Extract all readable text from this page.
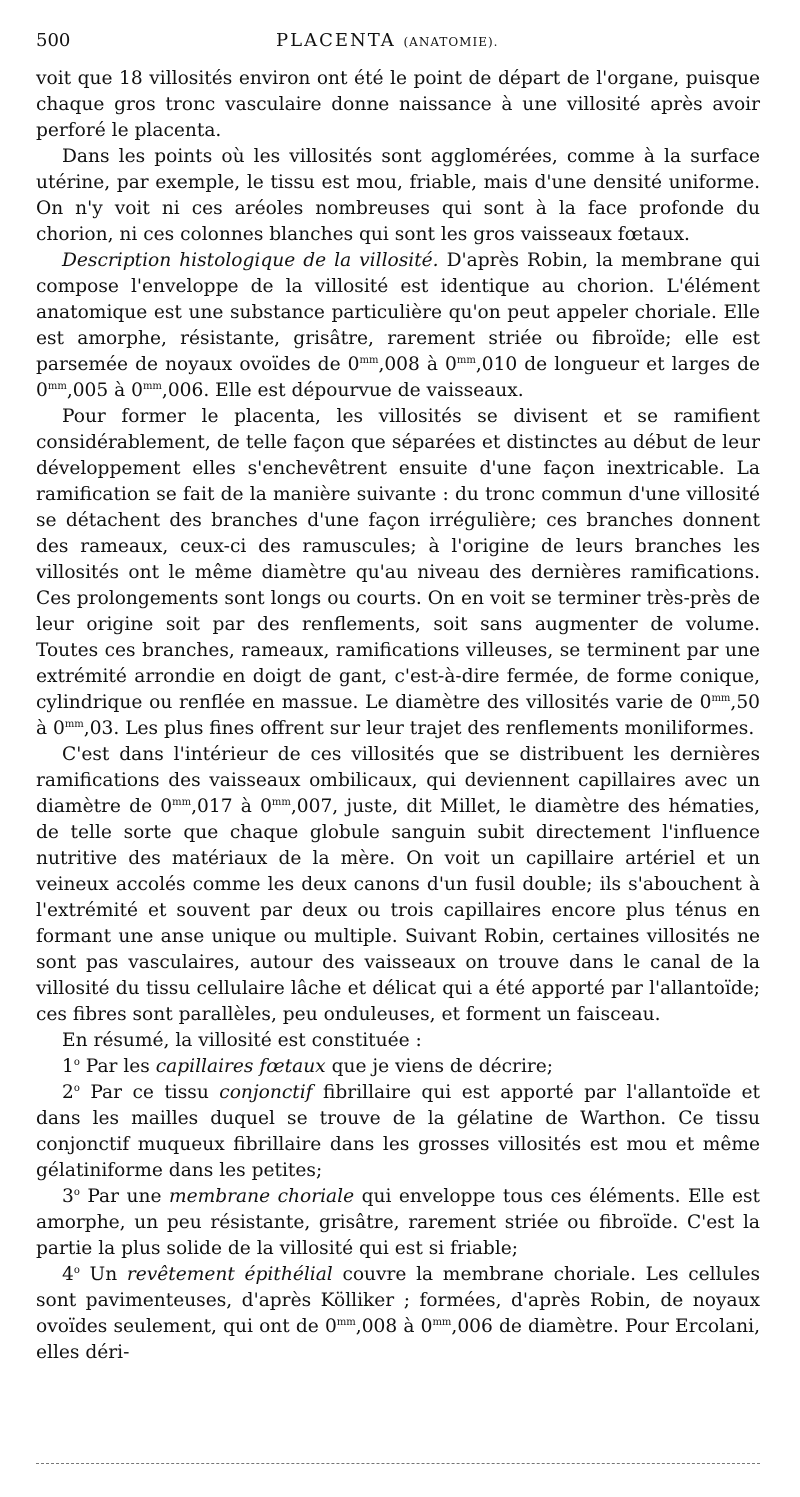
500	PLACENTA (ANATOMIE).

voit que 18 villosités environ ont été le point de départ de l'organe, puisque chaque gros tronc vasculaire donne naissance à une villosité après avoir perforé le placenta.

Dans les points où les villosités sont agglomérées, comme à la surface utérine, par exemple, le tissu est mou, friable, mais d'une densité uniforme. On n'y voit ni ces aréoles nombreuses qui sont à la face profonde du chorion, ni ces colonnes blanches qui sont les gros vaisseaux fœtaux.

Description histologique de la villosité. D'après Robin, la membrane qui compose l'enveloppe de la villosité est identique au chorion. L'élément anatomique est une substance particulière qu'on peut appeler choriale. Elle est amorphe, résistante, grisâtre, rarement striée ou fibroïde; elle est parsemée de noyaux ovoïdes de $0^{mm},008$ à $0^{mm},010$ de longueur et larges de $0^{mm},005$ à $0^{mm},006$. Elle est dépourvue de vaisseaux.

Pour former le placenta, les villosités se divisent et se ramifient considérablement, de telle façon que séparées et distinctes au début de leur développement elles s'enchevêtrent ensuite d'une façon inextricable. La ramification se fait de la manière suivante : du tronc commun d'une villosité se détachent des branches d'une façon irrégulière; ces branches donnent des rameaux, ceux-ci des ramuscules; à l'origine de leurs branches les villosités ont le même diamètre qu'au niveau des dernières ramifications. Ces prolongements sont longs ou courts. On en voit se terminer très-près de leur origine soit par des renflements, soit sans augmenter de volume. Toutes ces branches, rameaux, ramifications villeuses, se terminent par une extrémité arrondie en doigt de gant, c'est-à-dire fermée, de forme conique, cylindrique ou renflée en massue. Le diamètre des villosités varie de $0^{mm},50$ à $0^{mm},03$. Les plus fines offrent sur leur trajet des renflements moniliformes.

C'est dans l'intérieur de ces villosités que se distribuent les dernières ramifications des vaisseaux ombilicaux, qui deviennent capillaires avec un diamètre de $0^{mm},017$ à $0^{mm},007$, juste, dit Millet, le diamètre des hématies, de telle sorte que chaque globule sanguin subit directement l'influence nutritive des matériaux de la mère. On voit un capillaire artériel et un veineux accolés comme les deux canons d'un fusil double; ils s'abouchent à l'extrémité et souvent par deux ou trois capillaires encore plus ténus en formant une anse unique ou multiple. Suivant Robin, certaines villosités ne sont pas vasculaires, autour des vaisseaux on trouve dans le canal de la villosité du tissu cellulaire lâche et délicat qui a été apporté par l'allantoïde; ces fibres sont parallèles, peu onduleuses, et forment un faisceau.

En résumé, la villosité est constituée :

1$^o$ Par les capillaires fœtaux que je viens de décrire;

2$^o$ Par ce tissu conjonctif fibrillaire qui est apporté par l'allantoïde et dans les mailles duquel se trouve de la gélatine de Warthon. Ce tissu conjonctif muqueux fibrillaire dans les grosses villosités est mou et même gélatiniforme dans les petites;

3$^o$ Par une membrane choriale qui enveloppe tous ces éléments. Elle est amorphe, un peu résistante, grisâtre, rarement striée ou fibroïde. C'est la partie la plus solide de la villosité qui est si friable;

4$^o$ Un revêtement épithélial couvre la membrane choriale. Les cellules sont pavimenteuses, d'après Kölliker ; formées, d'après Robin, de noyaux ovoïdes seulement, qui ont de $0^{mm},008$ à $0^{mm},006$ de diamètre. Pour Ercolani, elles déri-
